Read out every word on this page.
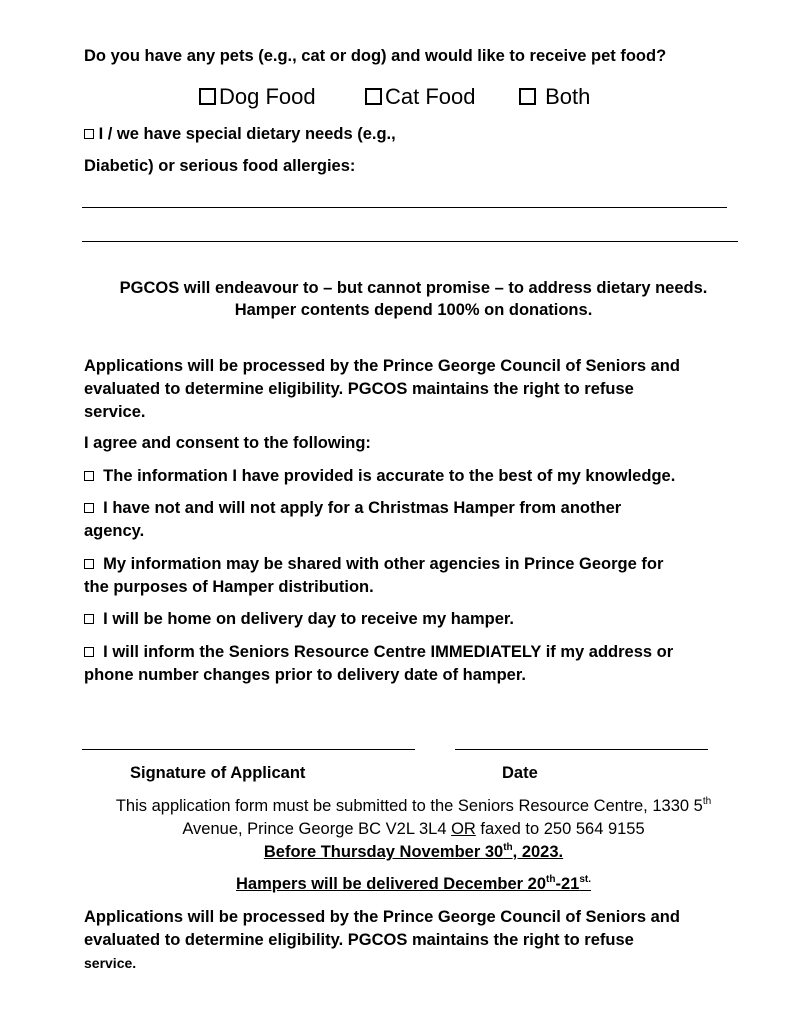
Do you have any pets (e.g., cat or dog) and would like to receive pet food?
Dog Food	Cat Food	Both
I / we have special dietary needs (e.g.,
Diabetic) or serious food allergies:
PGCOS will endeavour to – but cannot promise – to address dietary needs.
Hamper contents depend 100% on donations.
Applications will be processed by the Prince George Council of Seniors and
evaluated to determine eligibility. PGCOS maintains the right to refuse
service.
I agree and consent to the following:
The information I have provided is accurate to the best of my knowledge.
I have not and will not apply for a Christmas Hamper from another
agency.
My information may be shared with other agencies in Prince George for
the purposes of Hamper distribution.
I will be home on delivery day to receive my hamper.
I will inform the Seniors Resource Centre IMMEDIATELY if my address or
phone number changes prior to delivery date of hamper.
Signature of Applicant	Date
This application form must be submitted to the Seniors Resource Centre, 1330 5th
Avenue, Prince George BC V2L 3L4 OR faxed to 250 564 9155
Before Thursday November 30th, 2023.
Hampers will be delivered December $20th-21^{st.}$
Applications will be processed by the Prince George Council of Seniors and
evaluated to determine eligibility. PGCOS maintains the right to refuse
service.
